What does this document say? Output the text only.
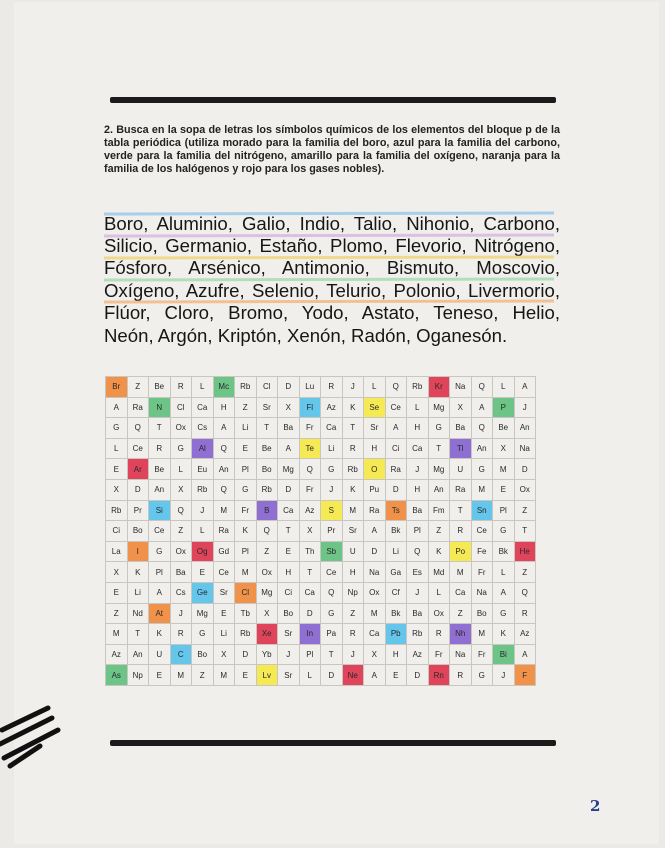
2. Busca en la sopa de letras los símbolos químicos de los elementos del bloque p de la tabla periódica (utiliza morado para la familia del boro, azul para la familia del carbono, verde para la familia del nitrógeno, amarillo para la familia del oxígeno, naranja para la familia de los halógenos y rojo para los gases nobles).

Boro, Aluminio, Galio, Indio, Talio, Nihonio, Carbono, Silicio, Germanio, Estaño, Plomo, Flevorio, Nitrógeno, Fósforo, Arsénico, Antimonio, Bismuto, Moscovio, Oxígeno, Azufre, Selenio, Telurio, Polonio, Livermorio, Flúor, Cloro, Bromo, Yodo, Astato, Teneso, Helio, Neón, Argón, Kriptón, Xenón, Radón, Oganesón.

Br	Z	Be	R	L	Mc	Rb	Cl	D	Lu	R	J	L	Q	Rb	Kr	Na	Q	L	A
A	Ra	N	Cl	Ca	H	Z	Sr	X	Fl	Az	K	Se	Ce	L	Mg	X	A	P	J
G	Q	T	Ox	Cs	A	Li	T	Ba	Fr	Ca	T	Sr	A	H	G	Ba	Q	Be	An
L	Ce	R	G	Al	Q	E	Be	A	Te	Li	R	H	Ci	Ca	T	Tl	An	X	Na
E	Ar	Be	L	Eu	An	Pl	Bo	Mg	Q	G	Rb	O	Ra	J	Mg	U	G	M	D
X	D	An	X	Rb	Q	G	Rb	D	Fr	J	K	Pu	D	H	An	Ra	M	E	Ox
Rb	Pr	Si	Q	J	M	Fr	B	Ca	Az	S	M	Ra	Ts	Ba	Fm	T	Sn	Pl	Z
Ci	Bo	Ce	Z	L	Ra	K	Q	T	X	Pr	Sr	A	Bk	Pl	Z	R	Ce	G	T
La	I	G	Ox	Og	Gd	Pl	Z	E	Th	Sb	U	D	Li	Q	K	Po	Fe	Bk	He
X	K	Pl	Ba	E	Ce	M	Ox	H	T	Ce	H	Na	Ga	Es	Md	M	Fr	L	Z
E	Li	A	Cs	Ge	Sr	Cl	Mg	Ci	Ca	Q	Np	Ox	Cf	J	L	Ca	Na	A	Q
Z	Nd	At	J	Mg	E	Tb	X	Bo	D	G	Z	M	Bk	Ba	Ox	Z	Bo	G	R
M	T	K	R	G	Li	Rb	Xe	Sr	In	Pa	R	Ca	Pb	Rb	R	Nh	M	K	Az
Az	An	U	C	Bo	X	D	Yb	J	Pl	T	J	X	H	Az	Fr	Na	Fr	Bi	A
As	Np	E	M	Z	M	E	Lv	Sr	L	D	Ne	A	E	D	Rn	R	G	J	F
2
